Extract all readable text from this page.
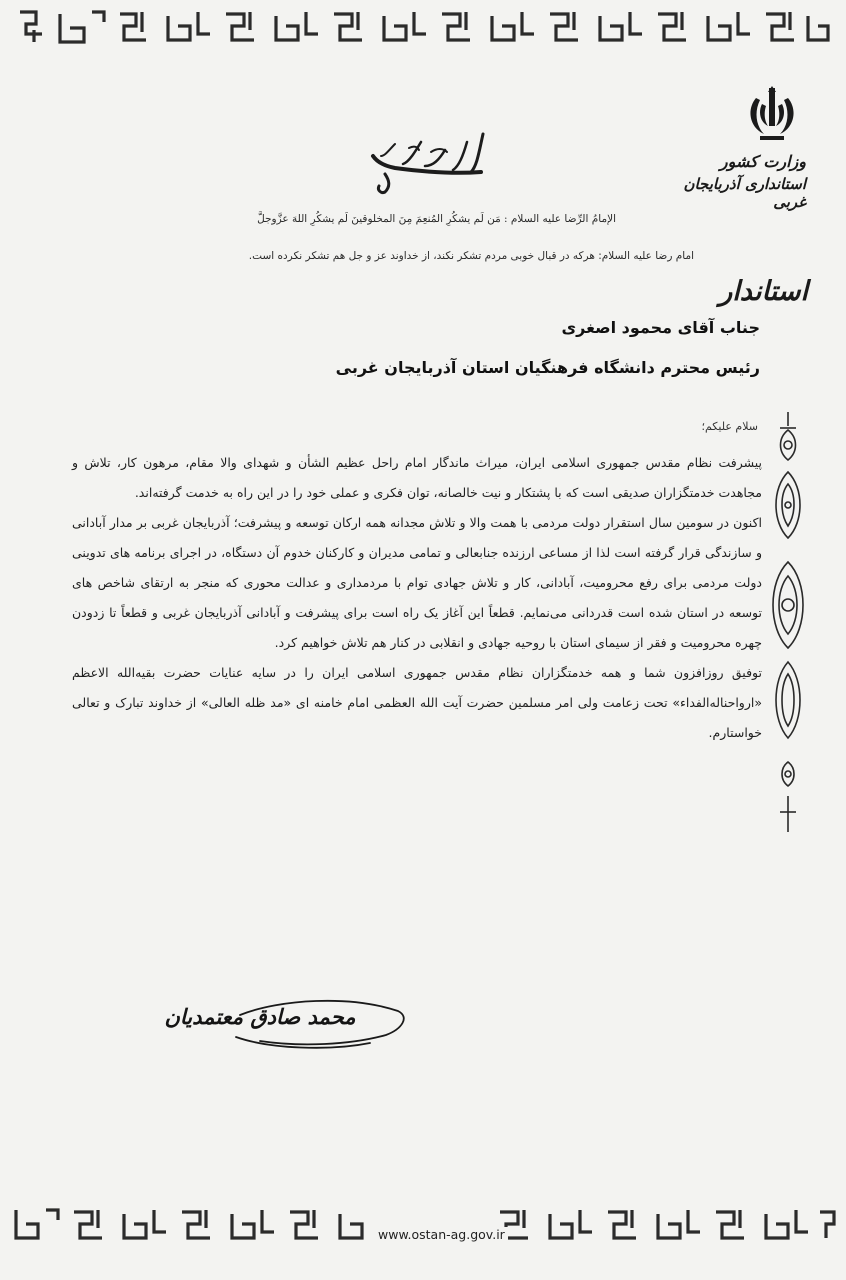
وزارت کشور
استانداری آذربایجان غربی
الإمامُ الرِّضا عليه السلام : مَن لَم يشكُرِ المُنعِمَ مِنَ المخلوقينَ لَم يشكُرِ اللهَ عزَّوجلَّ
امام رضا علیه السلام: هرکه در قبال خوبی مردم تشکر نکند، از خداوند عز و جل هم تشکر نکرده است.
استاندار
جناب آقای محمود اصغری
رئیس محترم دانشگاه فرهنگیان استان آذربایجان غربی
سلام علیکم؛

پیشرفت نظام مقدس جمهوری اسلامی ایران، میراث ماندگار امام راحل عظیم الشأن و شهدای والا مقام، مرهون کار، تلاش و مجاهدت خدمتگزاران صدیقی است که با پشتکار و نیت خالصانه، توان فکری و عملی خود را در این راه به خدمت گرفته‌اند.

اکنون در سومین سال استقرار دولت مردمی با همت والا و تلاش مجدانه همه ارکان توسعه و پیشرفت؛ آذربایجان غربی بر مدار آبادانی و سازندگی قرار گرفته است لذا از مساعی ارزنده جنابعالی و تمامی مدیران و کارکنان خدوم آن دستگاه، در اجرای برنامه های تدوینی دولت مردمی برای رفع محرومیت، آبادانی، کار و تلاش جهادی توام با مردمداری و عدالت محوری که منجر به ارتقای شاخص های توسعه در استان شده است قدردانی می‌نمایم. قطعاً این آغاز یک راه است برای پیشرفت و آبادانی آذربایجان غربی و قطعاً تا زدودن چهره محرومیت و فقر از سیمای استان با روحیه جهادی و انقلابی در کنار هم تلاش خواهیم کرد.

توفیق روزافزون شما و همه خدمتگزاران نظام مقدس جمهوری اسلامی ایران را در سایه عنایات حضرت بقیه‌الله الاعظم «ارواحنا‌له‌الفداء» تحت زعامت ولی امر مسلمین حضرت آیت الله العظمی امام خامنه ای «مد ظله العالی» از خداوند تبارک و تعالی خواستارم.

محمد صادق معتمدیان
www.ostan-ag.gov.ir
